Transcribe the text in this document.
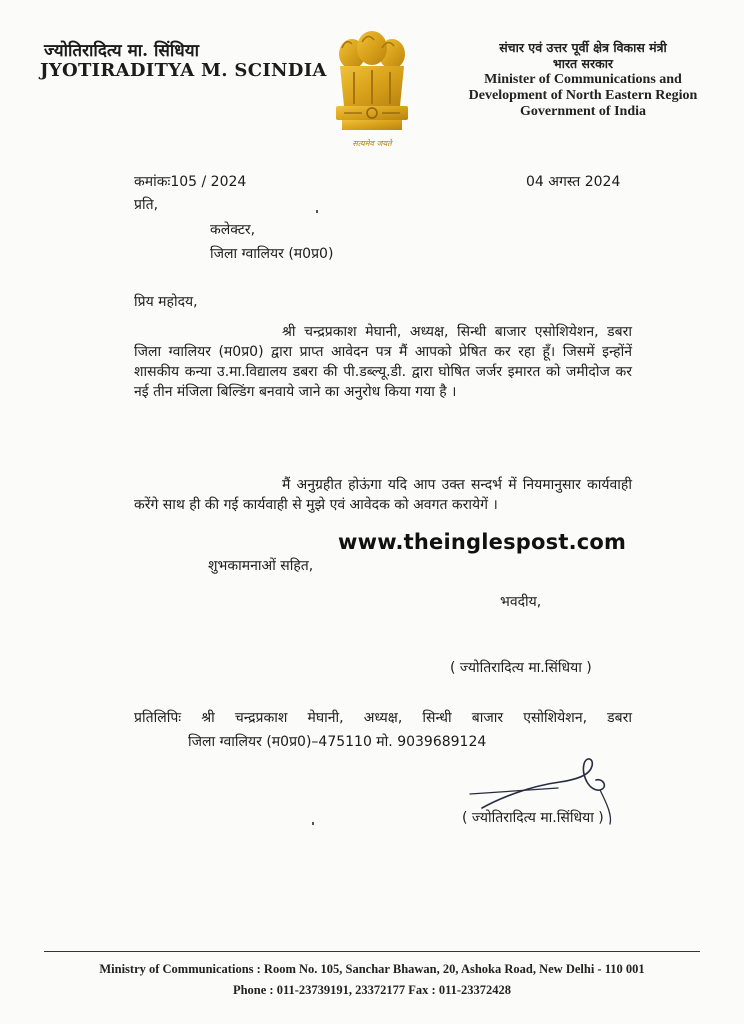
ज्योतिरादित्य मा. सिंधिया
JYOTIRADITYA M. SCINDIA
सत्यमेव जयते
संचार एवं उत्तर पूर्वी क्षेत्र विकास मंत्री
भारत सरकार
Minister of Communications and
Development of North Eastern Region
Government of India
कमांकः105 / 2024	04 अगस्त 2024
प्रति,
कलेक्टर,
जिला ग्वालियर (म0प्र0)
प्रिय महोदय,
श्री चन्द्रप्रकाश मेघानी, अध्यक्ष, सिन्धी बाजार एसोशियेशन, डबरा जिला ग्वालियर (म0प्र0) द्वारा प्राप्त आवेदन पत्र मैं आपको प्रेषित कर रहा हूँ। जिसमें इन्होंनें शासकीय कन्या उ.मा.विद्यालय डबरा की पी.डब्ल्यू.डी. द्वारा घोषित जर्जर इमारत को जमीदोज कर नई तीन मंजिला बिल्डिंग बनवाये जाने का अनुरोध किया गया है ।
मैं अनुग्रहीत होऊंगा यदि आप उक्त सन्दर्भ में नियमानुसार कार्यवाही करेंगे साथ ही की गई कार्यवाही से मुझे एवं आवेदक को अवगत करायेगें ।
www.theinglespost.com
शुभकामनाओं सहित,
भवदीय,
( ज्योतिरादित्य मा.सिंधिया )
प्रतिलिपिः श्री चन्द्रप्रकाश मेघानी, अध्यक्ष, सिन्धी बाजार एसोशियेशन, डबरा
जिला ग्वालियर (म0प्र0)–475110 मो. 9039689124
( ज्योतिरादित्य मा.सिंधिया )
Ministry of Communications : Room No. 105, Sanchar Bhawan, 20, Ashoka Road, New Delhi - 110 001
Phone : 011-23739191, 23372177 Fax : 011-23372428
